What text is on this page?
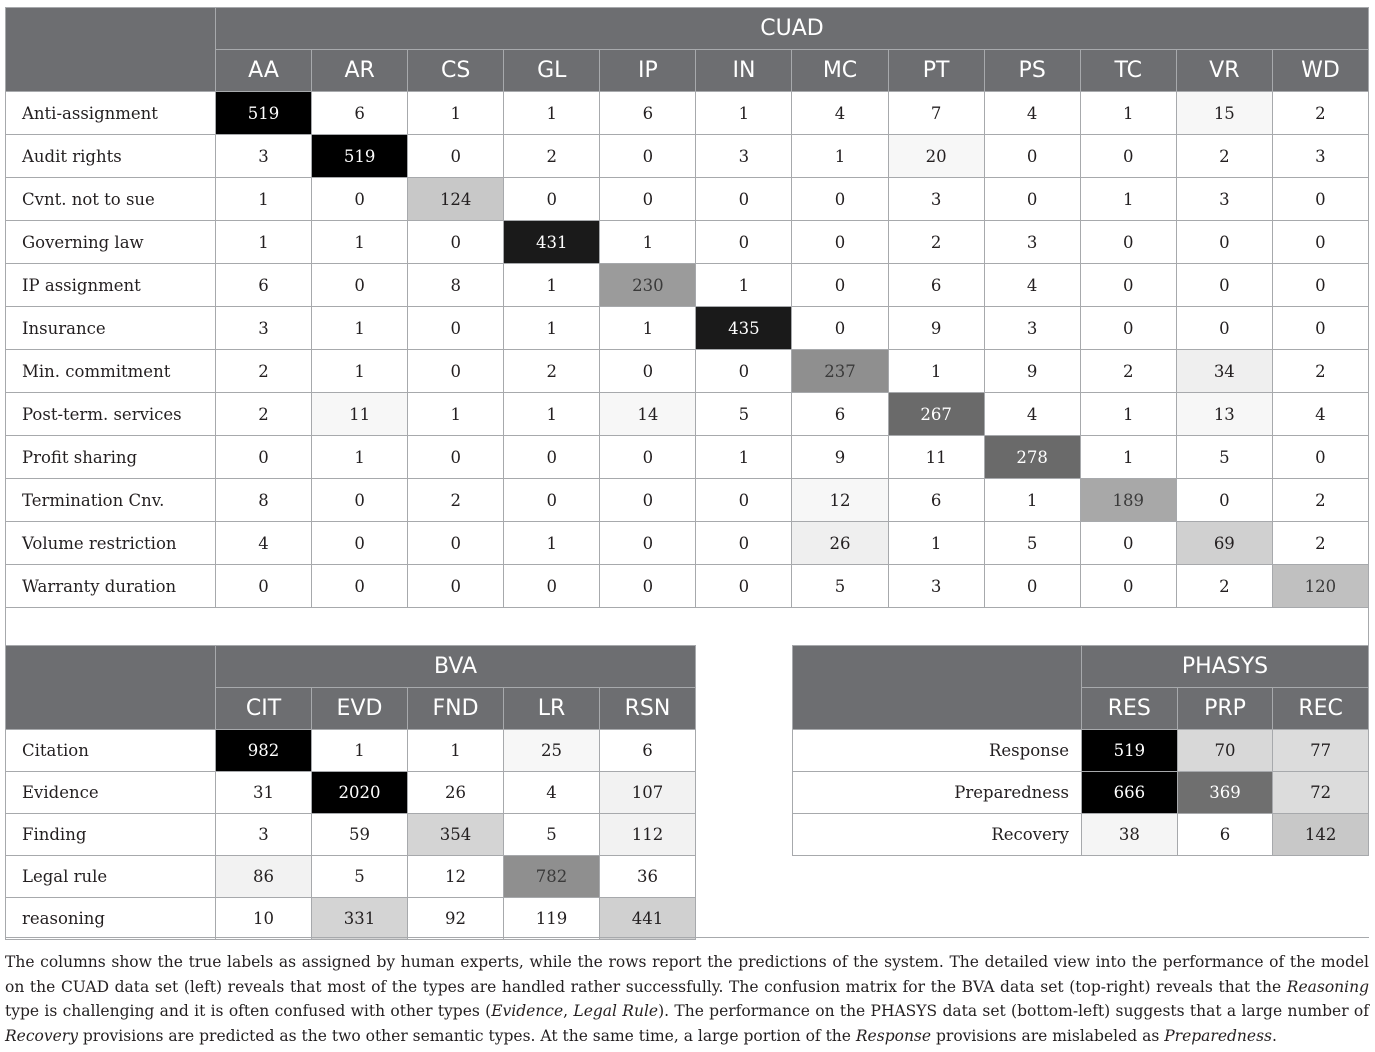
	CUAD											
	AA	AR	CS	GL	IP	IN	MC	PT	PS	TC	VR	WD
Anti-assignment	519	6	1	1	6	1	4	7	4	1	15	2
Audit rights	3	519	0	2	0	3	1	20	0	0	2	3
Cvnt. not to sue	1	0	124	0	0	0	0	3	0	1	3	0
Governing law	1	1	0	431	1	0	0	2	3	0	0	0
IP assignment	6	0	8	1	230	1	0	6	4	0	0	0
Insurance	3	1	0	1	1	435	0	9	3	0	0	0
Min. commitment	2	1	0	2	0	0	237	1	9	2	34	2
Post-term. services	2	11	1	1	14	5	6	267	4	1	13	4
Profit sharing	0	1	0	0	0	1	9	11	278	1	5	0
Termination Cnv.	8	0	2	0	0	0	12	6	1	189	0	2
Volume restriction	4	0	0	1	0	0	26	1	5	0	69	2
Warranty duration	0	0	0	0	0	0	5	3	0	0	2	120
	BVA				
	CIT	EVD	FND	LR	RSN
Citation	982	1	1	25	6
Evidence	31	2020	26	4	107
Finding	3	59	354	5	112
Legal rule	86	5	12	782	36
reasoning	10	331	92	119	441
	PHASYS		
	RES	PRP	REC
Response	519	70	77
Preparedness	666	369	72
Recovery	38	6	142
The columns show the true labels as assigned by human experts, while the rows report the predictions of the system. The detailed view into the performance of the model on the CUAD data set (left) reveals that most of the types are handled rather successfully. The confusion matrix for the BVA data set (top-right) reveals that the Reasoning type is challenging and it is often confused with other types (Evidence, Legal Rule). The performance on the PHASYS data set (bottom-left) suggests that a large number of Recovery provisions are predicted as the two other semantic types. At the same time, a large portion of the Response provisions are mislabeled as Preparedness.
